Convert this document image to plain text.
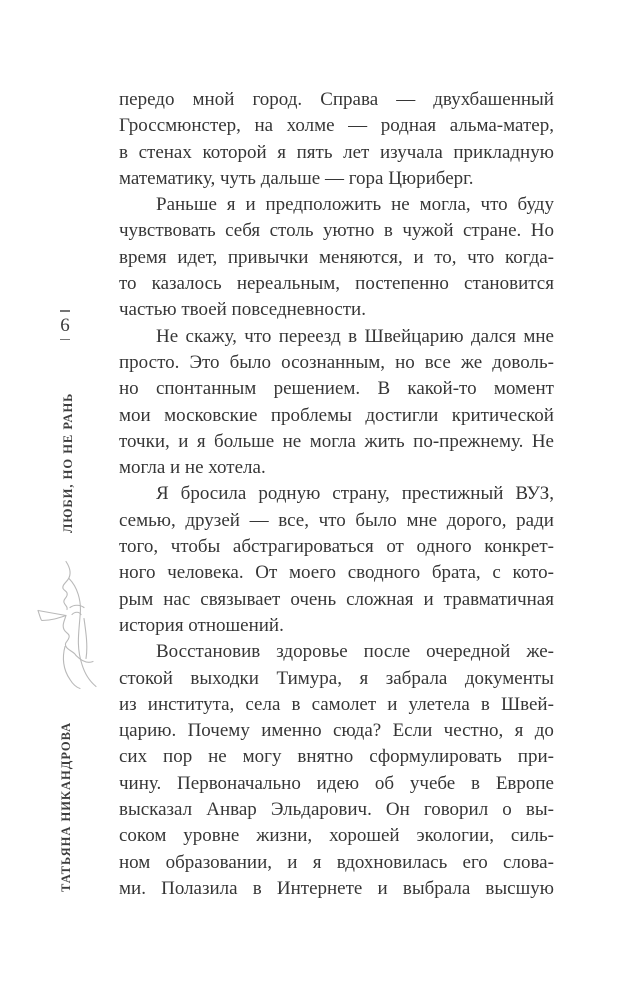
6
ЛЮБИ, НО НЕ РАНЬ
ТАТЬЯНА НИКАНДРОВА
передо мной город. Справа — двухбашенный
Гроссмюнстер, на холме — родная альма-матер,
в стенах которой я пять лет изучала прикладную
математику, чуть дальше — гора Цюриберг.
Раньше я и предположить не могла, что буду
чувствовать себя столь уютно в чужой стране. Но
время идет, привычки меняются, и то, что когда-
то казалось нереальным, постепенно становится
частью твоей повседневности.
Не скажу, что переезд в Швейцарию дался мне
просто. Это было осознанным, но все же доволь-
но спонтанным решением. В какой-то момент
мои московские проблемы достигли критической
точки, и я больше не могла жить по-прежнему. Не
могла и не хотела.
Я бросила родную страну, престижный ВУЗ,
семью, друзей — все, что было мне дорого, ради
того, чтобы абстрагироваться от одного конкрет-
ного человека. От моего сводного брата, с кото-
рым нас связывает очень сложная и травматичная
история отношений.
Восстановив здоровье после очередной же-
стокой выходки Тимура, я забрала документы
из института, села в самолет и улетела в Швей-
царию. Почему именно сюда? Если честно, я до
сих пор не могу внятно сформулировать при-
чину. Первоначально идею об учебе в Европе
высказал Анвар Эльдарович. Он говорил о вы-
соком уровне жизни, хорошей экологии, силь-
ном образовании, и я вдохновилась его слова-
ми. Полазила в Интернете и выбрала высшую
